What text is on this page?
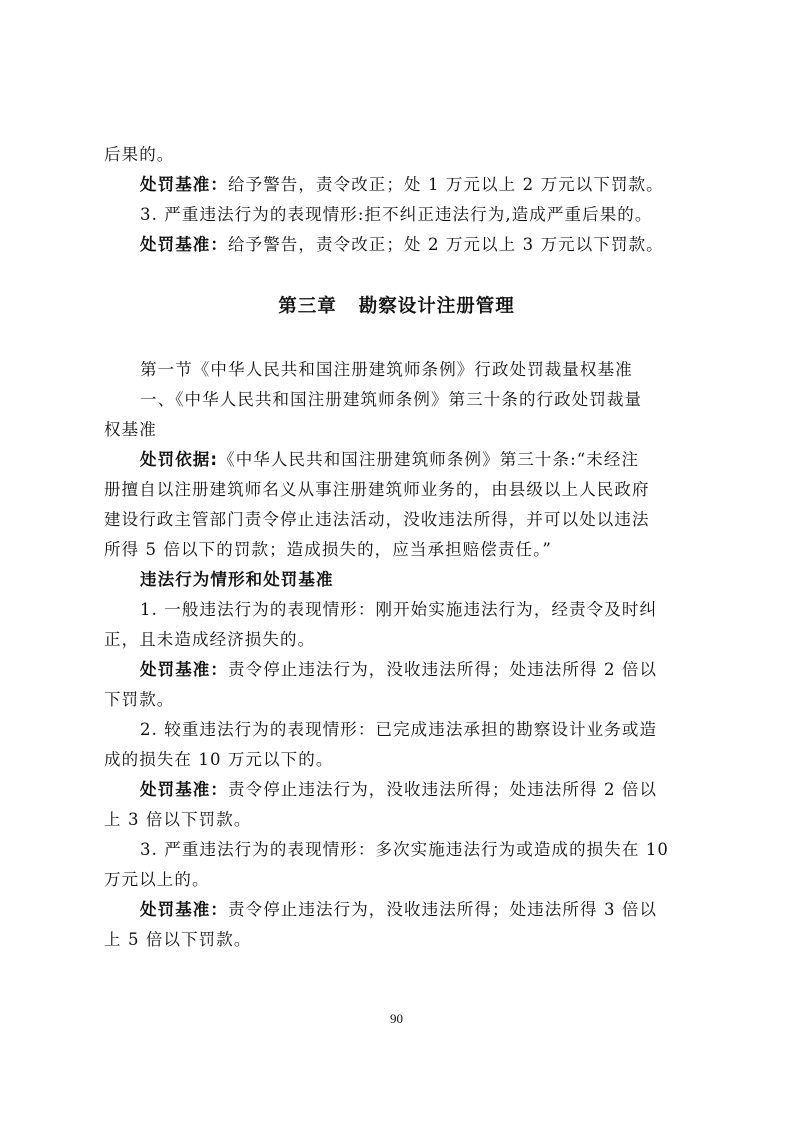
后果的。
处罚基准：给予警告，责令改正；处 1 万元以上 2 万元以下罚款。
3. 严重违法行为的表现情形:拒不纠正违法行为,造成严重后果的。
处罚基准：给予警告，责令改正；处 2 万元以上 3 万元以下罚款。
第三章 勘察设计注册管理
第一节《中华人民共和国注册建筑师条例》行政处罚裁量权基准
一、《中华人民共和国注册建筑师条例》第三十条的行政处罚裁量
权基准
处罚依据:《中华人民共和国注册建筑师条例》第三十条:“未经注
册擅自以注册建筑师名义从事注册建筑师业务的，由县级以上人民政府
建设行政主管部门责令停止违法活动，没收违法所得，并可以处以违法
所得 5 倍以下的罚款；造成损失的，应当承担赔偿责任。”
违法行为情形和处罚基准
1. 一般违法行为的表现情形：刚开始实施违法行为，经责令及时纠
正，且未造成经济损失的。
处罚基准：责令停止违法行为，没收违法所得；处违法所得 2 倍以
下罚款。
2. 较重违法行为的表现情形：已完成违法承担的勘察设计业务或造
成的损失在 10 万元以下的。
处罚基准：责令停止违法行为，没收违法所得；处违法所得 2 倍以
上 3 倍以下罚款。
3. 严重违法行为的表现情形：多次实施违法行为或造成的损失在 10
万元以上的。
处罚基准：责令停止违法行为，没收违法所得；处违法所得 3 倍以
上 5 倍以下罚款。
90
